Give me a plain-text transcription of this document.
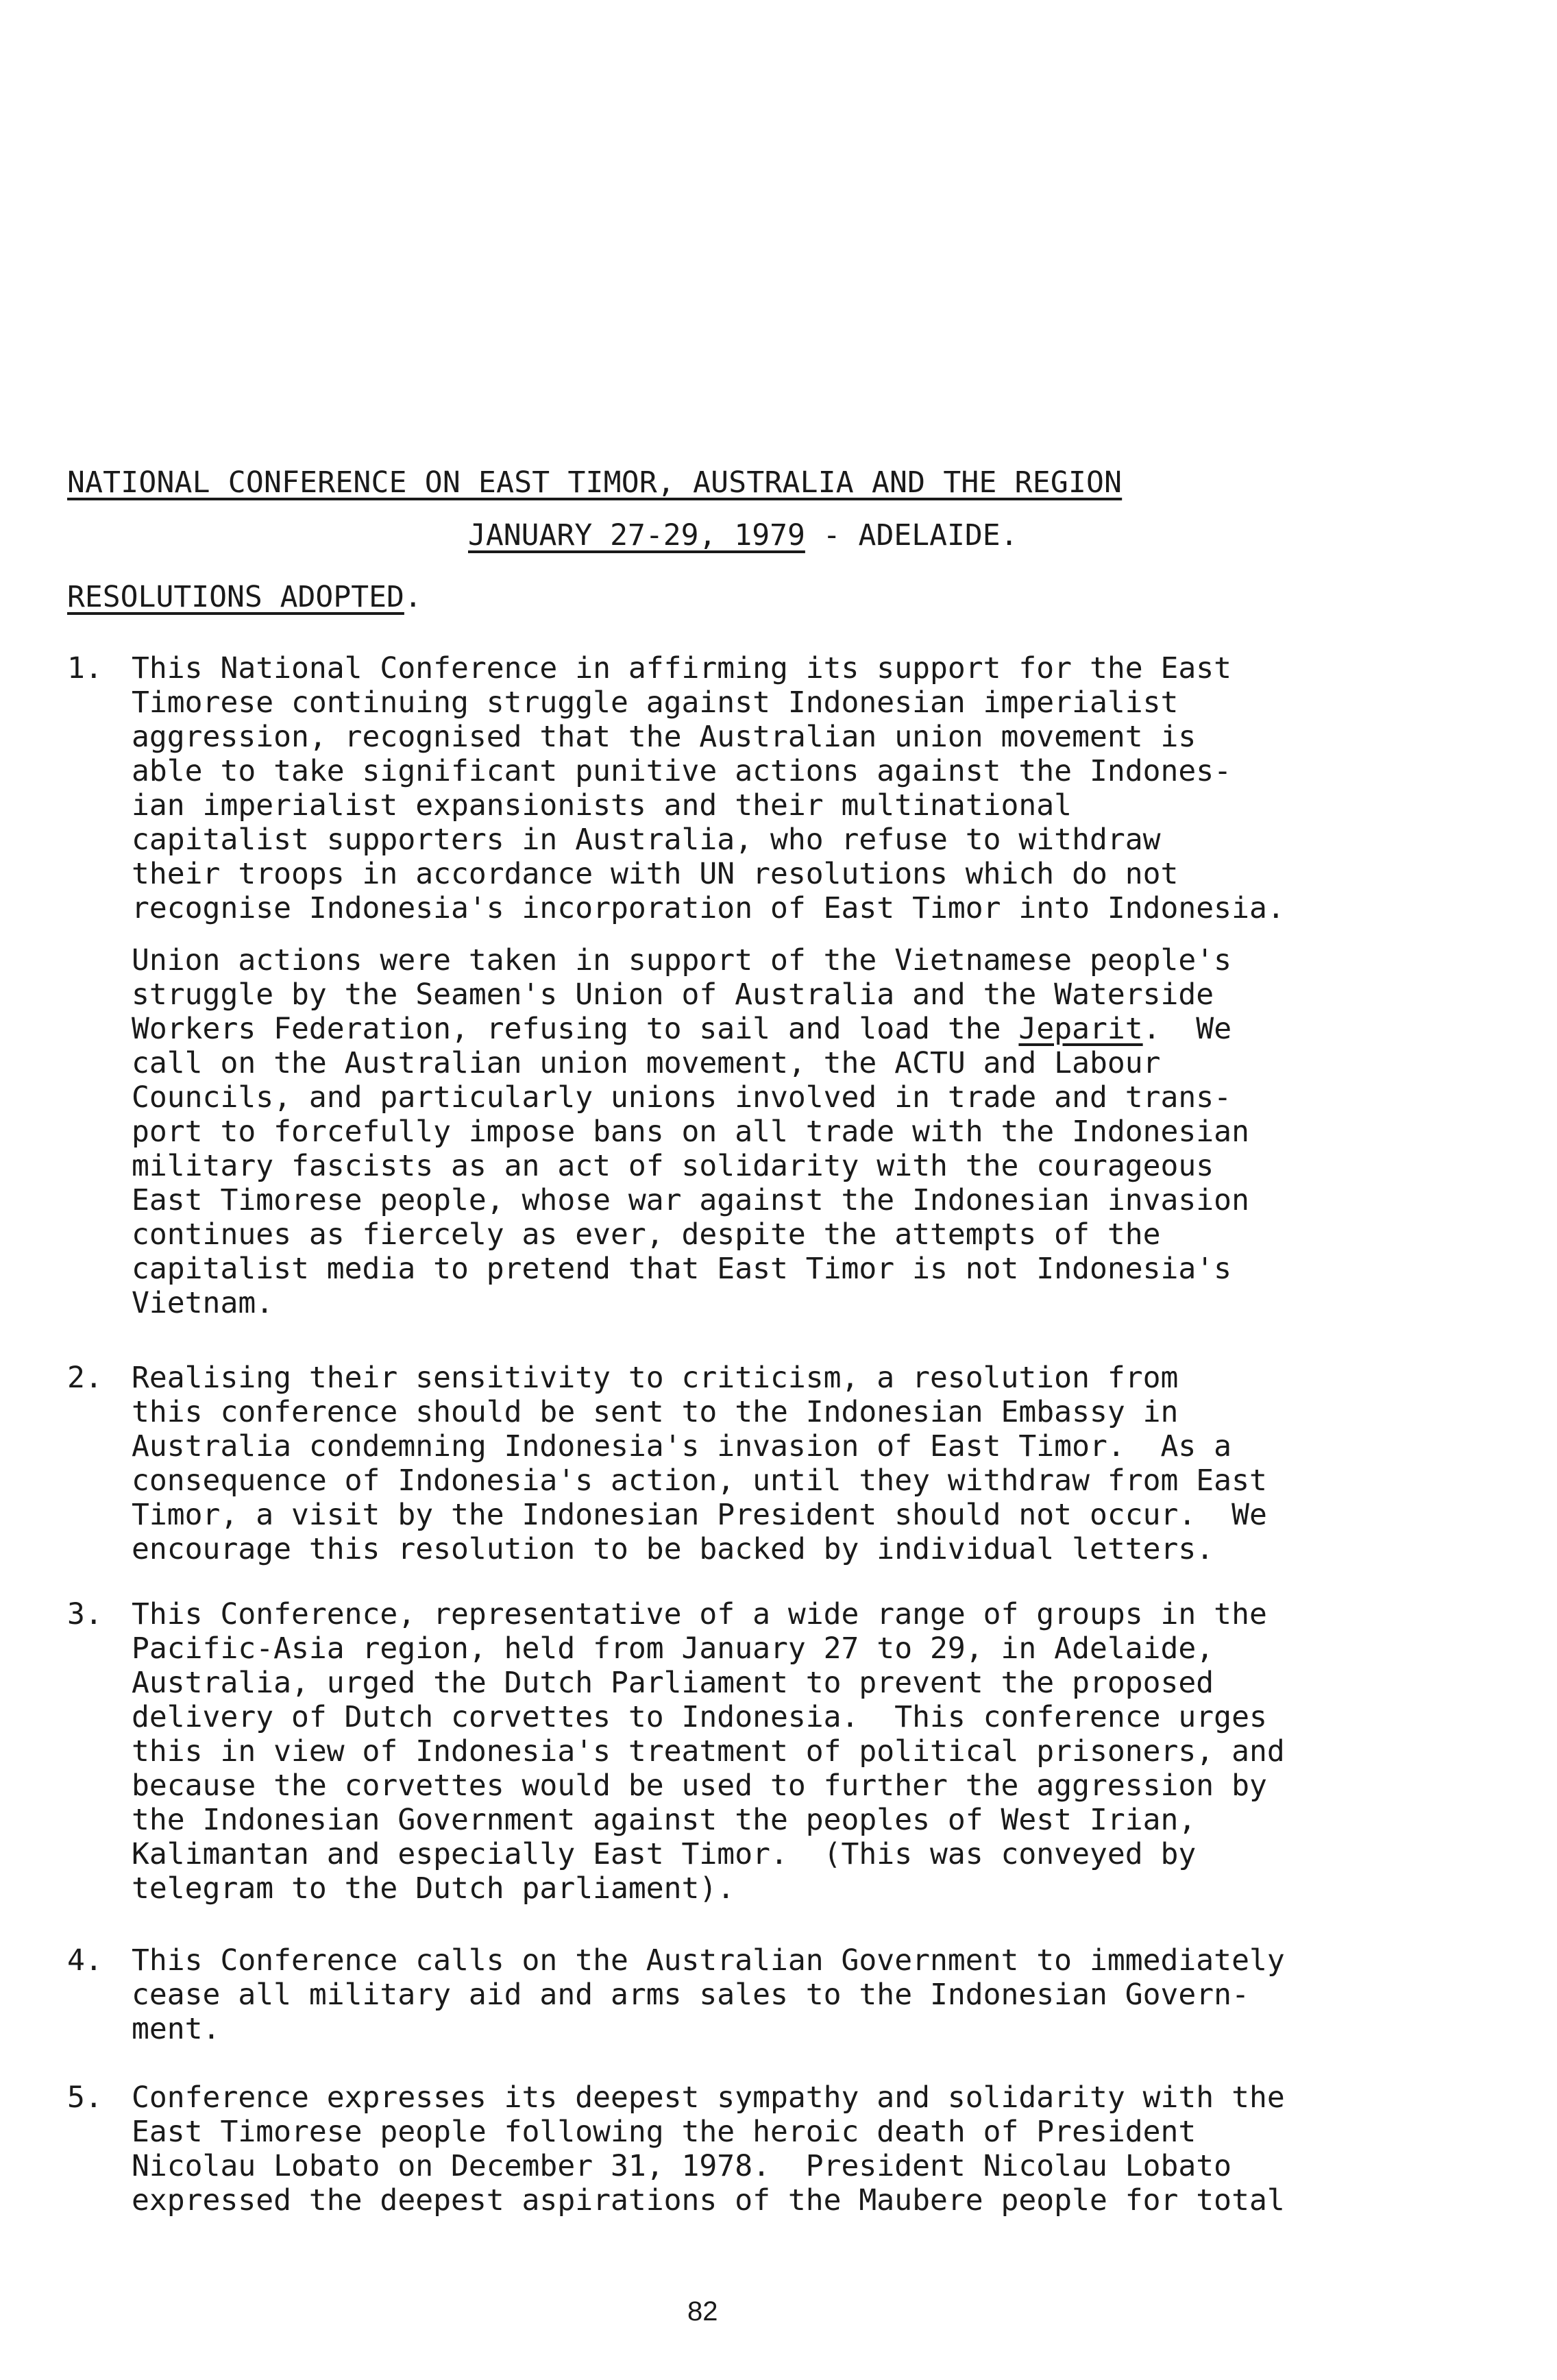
NATIONAL CONFERENCE ON EAST TIMOR, AUSTRALIA AND THE REGION
JANUARY 27-29, 1979 - ADELAIDE.
RESOLUTIONS ADOPTED.
1. This National Conference in affirming its support for the East
Timorese continuing struggle against Indonesian imperialist
aggression, recognised that the Australian union movement is
able to take significant punitive actions against the Indones-
ian imperialist expansionists and their multinational
capitalist supporters in Australia, who refuse to withdraw
their troops in accordance with UN resolutions which do not
recognise Indonesia's incorporation of East Timor into Indonesia.

Union actions were taken in support of the Vietnamese people's
struggle by the Seamen's Union of Australia and the Waterside
Workers Federation, refusing to sail and load the Jeparit.  We
call on the Australian union movement, the ACTU and Labour
Councils, and particularly unions involved in trade and trans-
port to forcefully impose bans on all trade with the Indonesian
military fascists as an act of solidarity with the courageous
East Timorese people, whose war against the Indonesian invasion
continues as fiercely as ever, despite the attempts of the
capitalist media to pretend that East Timor is not Indonesia's
Vietnam.

2. Realising their sensitivity to criticism, a resolution from
this conference should be sent to the Indonesian Embassy in
Australia condemning Indonesia's invasion of East Timor.  As a
consequence of Indonesia's action, until they withdraw from East
Timor, a visit by the Indonesian President should not occur.  We
encourage this resolution to be backed by individual letters.

3. This Conference, representative of a wide range of groups in the
Pacific-Asia region, held from January 27 to 29, in Adelaide,
Australia, urged the Dutch Parliament to prevent the proposed
delivery of Dutch corvettes to Indonesia.  This conference urges
this in view of Indonesia's treatment of political prisoners, and
because the corvettes would be used to further the aggression by
the Indonesian Government against the peoples of West Irian,
Kalimantan and especially East Timor.  (This was conveyed by
telegram to the Dutch parliament).

4. This Conference calls on the Australian Government to immediately
cease all military aid and arms sales to the Indonesian Govern-
ment.

5. Conference expresses its deepest sympathy and solidarity with the
East Timorese people following the heroic death of President
Nicolau Lobato on December 31, 1978.  President Nicolau Lobato
expressed the deepest aspirations of the Maubere people for total

82
